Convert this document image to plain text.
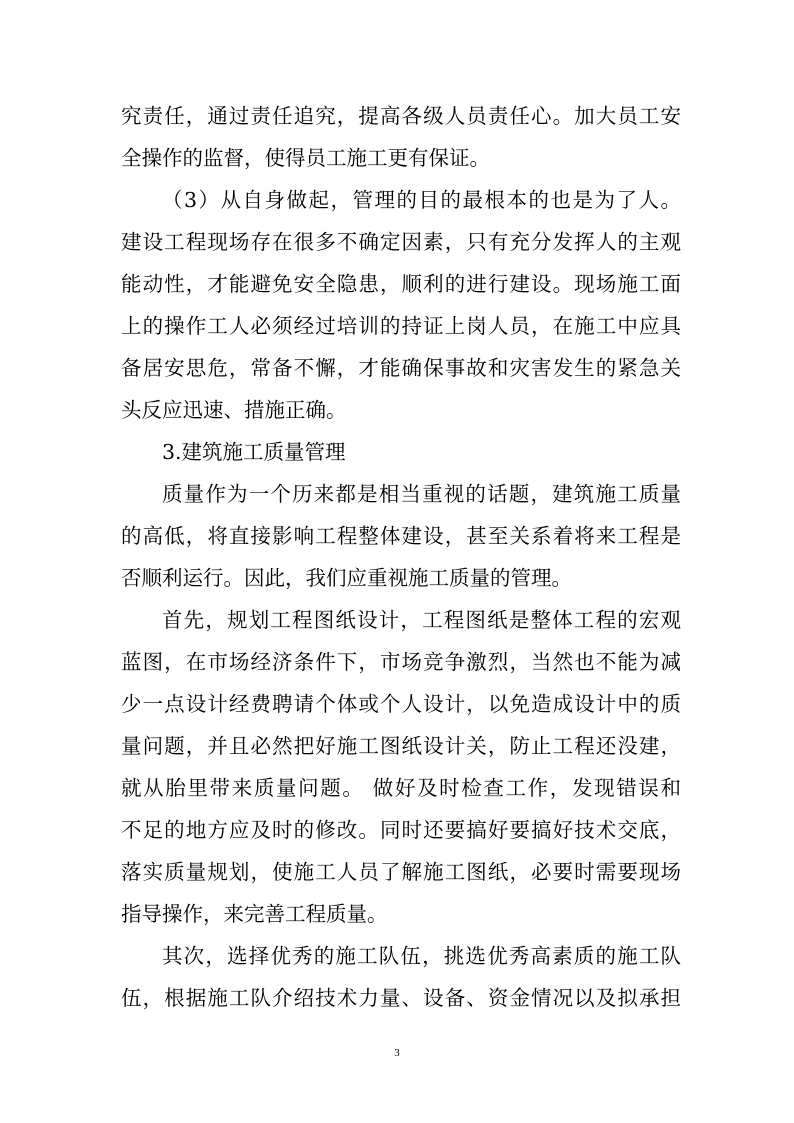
究责任，通过责任追究，提高各级人员责任心。加大员工安
全操作的监督，使得员工施工更有保证。
（3）从自身做起，管理的目的最根本的也是为了人。
建设工程现场存在很多不确定因素，只有充分发挥人的主观
能动性，才能避免安全隐患，顺利的进行建设。现场施工面
上的操作工人必须经过培训的持证上岗人员，在施工中应具
备居安思危，常备不懈，才能确保事故和灾害发生的紧急关
头反应迅速、措施正确。
3.建筑施工质量管理
质量作为一个历来都是相当重视的话题，建筑施工质量
的高低，将直接影响工程整体建设，甚至关系着将来工程是
否顺利运行。因此，我们应重视施工质量的管理。
首先，规划工程图纸设计，工程图纸是整体工程的宏观
蓝图，在市场经济条件下，市场竞争激烈，当然也不能为减
少一点设计经费聘请个体或个人设计，以免造成设计中的质
量问题，并且必然把好施工图纸设计关，防止工程还没建，
就从胎里带来质量问题。 做好及时检查工作，发现错误和
不足的地方应及时的修改。同时还要搞好要搞好技术交底，
落实质量规划，使施工人员了解施工图纸，必要时需要现场
指导操作，来完善工程质量。
其次，选择优秀的施工队伍，挑选优秀高素质的施工队
伍，根据施工队介绍技术力量、设备、资金情况以及拟承担
3
